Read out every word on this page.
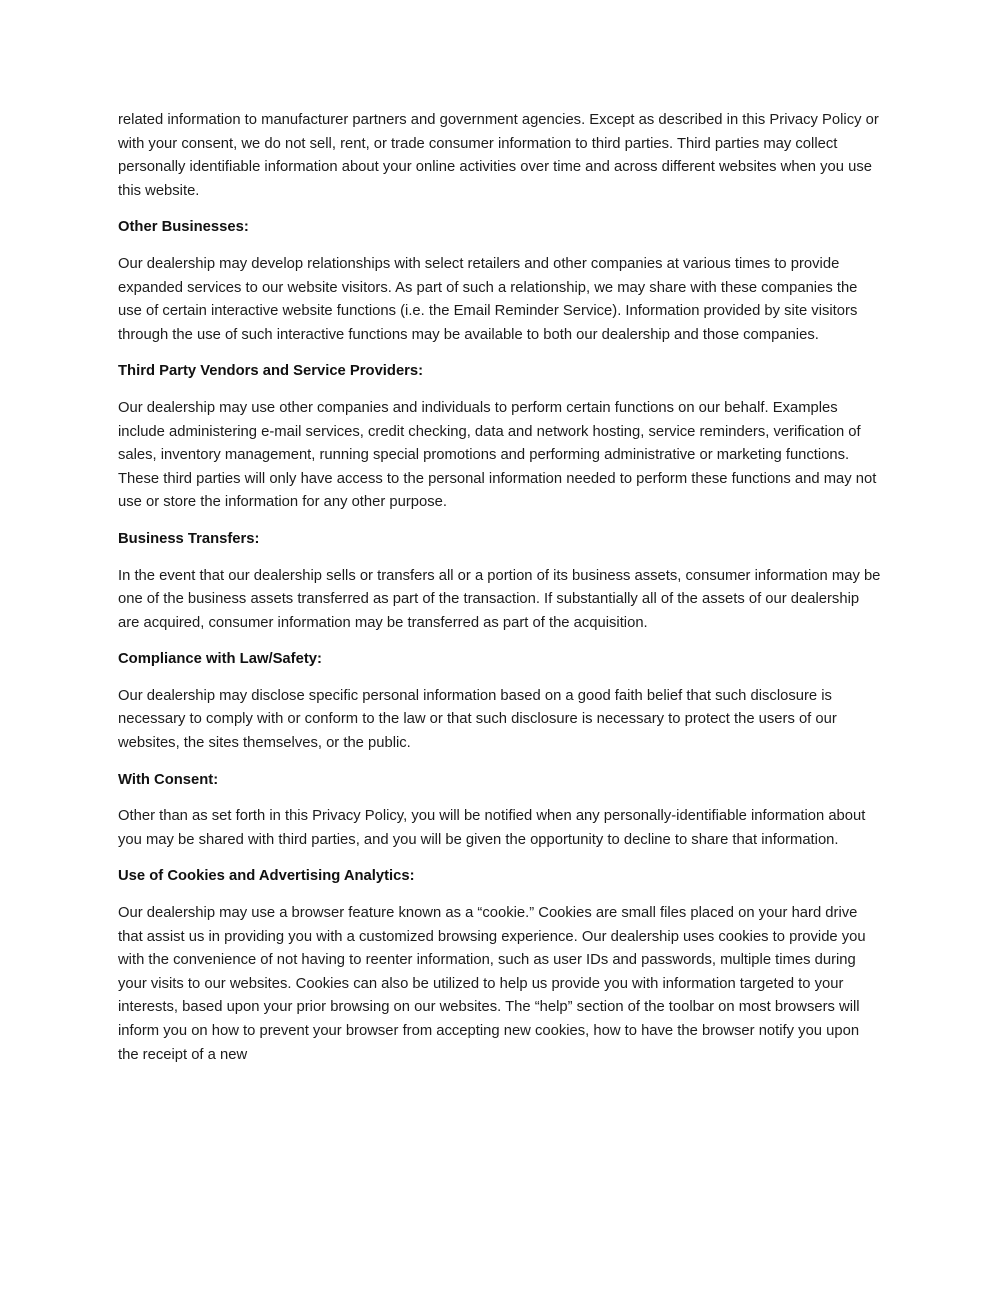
related information to manufacturer partners and government agencies. Except as described in this Privacy Policy or with your consent, we do not sell, rent, or trade consumer information to third parties. Third parties may collect personally identifiable information about your online activities over time and across different websites when you use this website.

Other Businesses:

Our dealership may develop relationships with select retailers and other companies at various times to provide expanded services to our website visitors. As part of such a relationship, we may share with these companies the use of certain interactive website functions (i.e. the Email Reminder Service). Information provided by site visitors through the use of such interactive functions may be available to both our dealership and those companies.

Third Party Vendors and Service Providers:

Our dealership may use other companies and individuals to perform certain functions on our behalf. Examples include administering e-mail services, credit checking, data and network hosting, service reminders, verification of sales, inventory management, running special promotions and performing administrative or marketing functions. These third parties will only have access to the personal information needed to perform these functions and may not use or store the information for any other purpose.

Business Transfers:

In the event that our dealership sells or transfers all or a portion of its business assets, consumer information may be one of the business assets transferred as part of the transaction. If substantially all of the assets of our dealership are acquired, consumer information may be transferred as part of the acquisition.

Compliance with Law/Safety:

Our dealership may disclose specific personal information based on a good faith belief that such disclosure is necessary to comply with or conform to the law or that such disclosure is necessary to protect the users of our websites, the sites themselves, or the public.

With Consent:

Other than as set forth in this Privacy Policy, you will be notified when any personally-identifiable information about you may be shared with third parties, and you will be given the opportunity to decline to share that information.

Use of Cookies and Advertising Analytics:

Our dealership may use a browser feature known as a “cookie.” Cookies are small files placed on your hard drive that assist us in providing you with a customized browsing experience. Our dealership uses cookies to provide you with the convenience of not having to reenter information, such as user IDs and passwords, multiple times during your visits to our websites. Cookies can also be utilized to help us provide you with information targeted to your interests, based upon your prior browsing on our websites. The “help” section of the toolbar on most browsers will inform you on how to prevent your browser from accepting new cookies, how to have the browser notify you upon the receipt of a new
